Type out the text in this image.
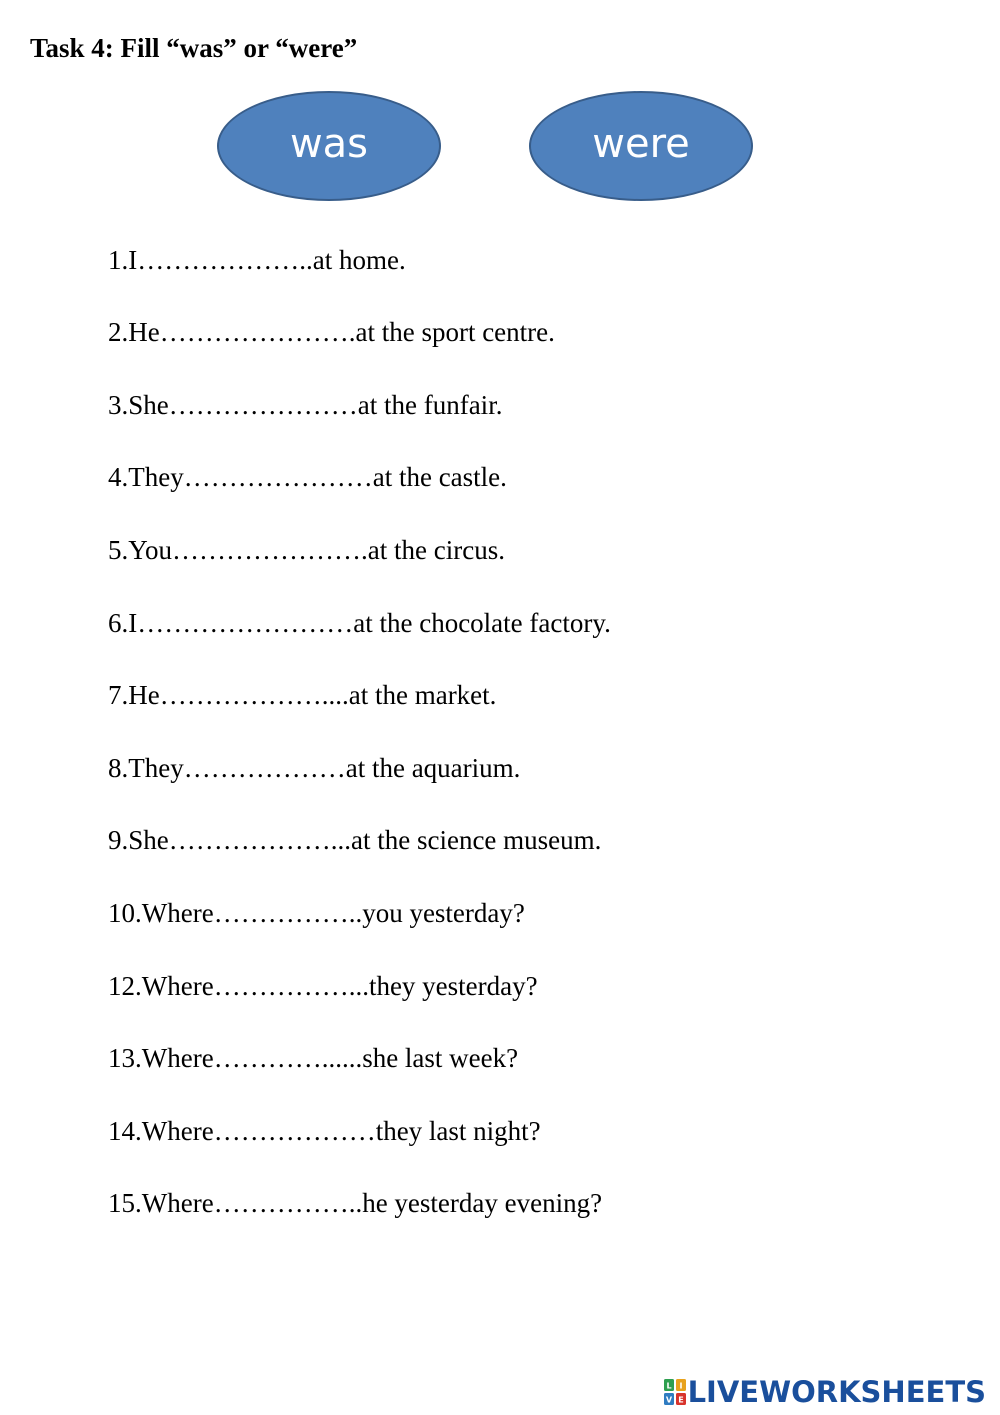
Task 4: Fill “was” or “were”
was	were
1.I………………..at home.
2.He………………….at the sport centre.
3.She…………………at the funfair.
4.They…………………at the castle.
5.You………………….at the circus.
6.I……………………at the chocolate factory.
7.He………………....at the market.
8.They………………at the aquarium.
9.She………………...at the science museum.
10.Where……………..you yesterday?
12.Where……………...they yesterday?
13.Where…………......she last week?
14.Where………………they last night?
15.Where……………..he yesterday evening?
L I
V E LIVEWORKSHEETS
